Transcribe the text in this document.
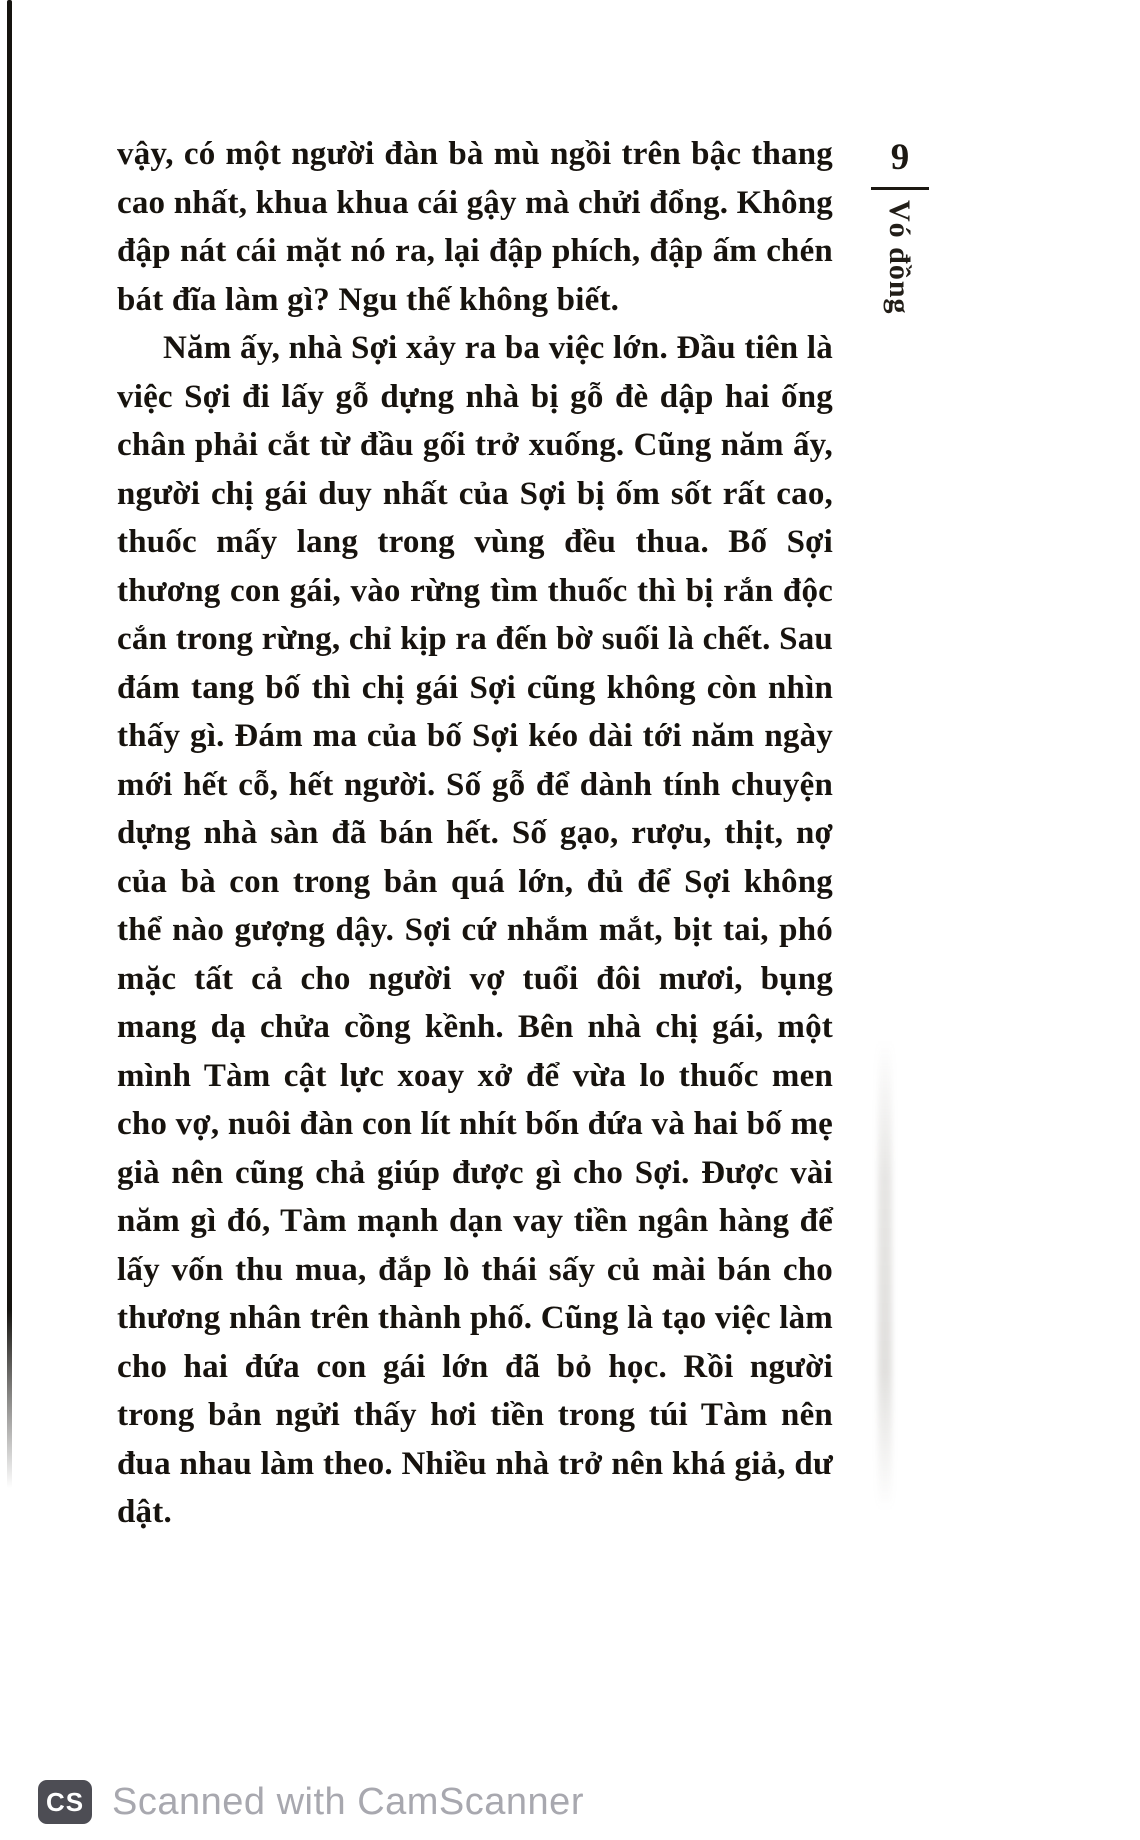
vậy, có một người đàn bà mù ngồi trên bậc thang cao nhất, khua khua cái gậy mà chửi đổng. Không đập nát cái mặt nó ra, lại đập phích, đập ấm chén bát đĩa làm gì? Ngu thế không biết.

Năm ấy, nhà Sợi xảy ra ba việc lớn. Đầu tiên là việc Sợi đi lấy gỗ dựng nhà bị gỗ đè dập hai ống chân phải cắt từ đầu gối trở xuống. Cũng năm ấy, người chị gái duy nhất của Sợi bị ốm sốt rất cao, thuốc mấy lang trong vùng đều thua. Bố Sợi thương con gái, vào rừng tìm thuốc thì bị rắn độc cắn trong rừng, chỉ kịp ra đến bờ suối là chết. Sau đám tang bố thì chị gái Sợi cũng không còn nhìn thấy gì. Đám ma của bố Sợi kéo dài tới năm ngày mới hết cỗ, hết người. Số gỗ để dành tính chuyện dựng nhà sàn đã bán hết. Số gạo, rượu, thịt, nợ của bà con trong bản quá lớn, đủ để Sợi không thể nào gượng dậy. Sợi cứ nhắm mắt, bịt tai, phó mặc tất cả cho người vợ tuổi đôi mươi, bụng mang dạ chửa cồng kềnh. Bên nhà chị gái, một mình Tàm cật lực xoay xở để vừa lo thuốc men cho vợ, nuôi đàn con lít nhít bốn đứa và hai bố mẹ già nên cũng chả giúp được gì cho Sợi. Được vài năm gì đó, Tàm mạnh dạn vay tiền ngân hàng để lấy vốn thu mua, đắp lò thái sấy củ mài bán cho thương nhân trên thành phố. Cũng là tạo việc làm cho hai đứa con gái lớn đã bỏ học. Rồi người trong bản ngửi thấy hơi tiền trong túi Tàm nên đua nhau làm theo. Nhiều nhà trở nên khá giả, dư dật.

9
Vó đồng
CS Scanned with CamScanner
